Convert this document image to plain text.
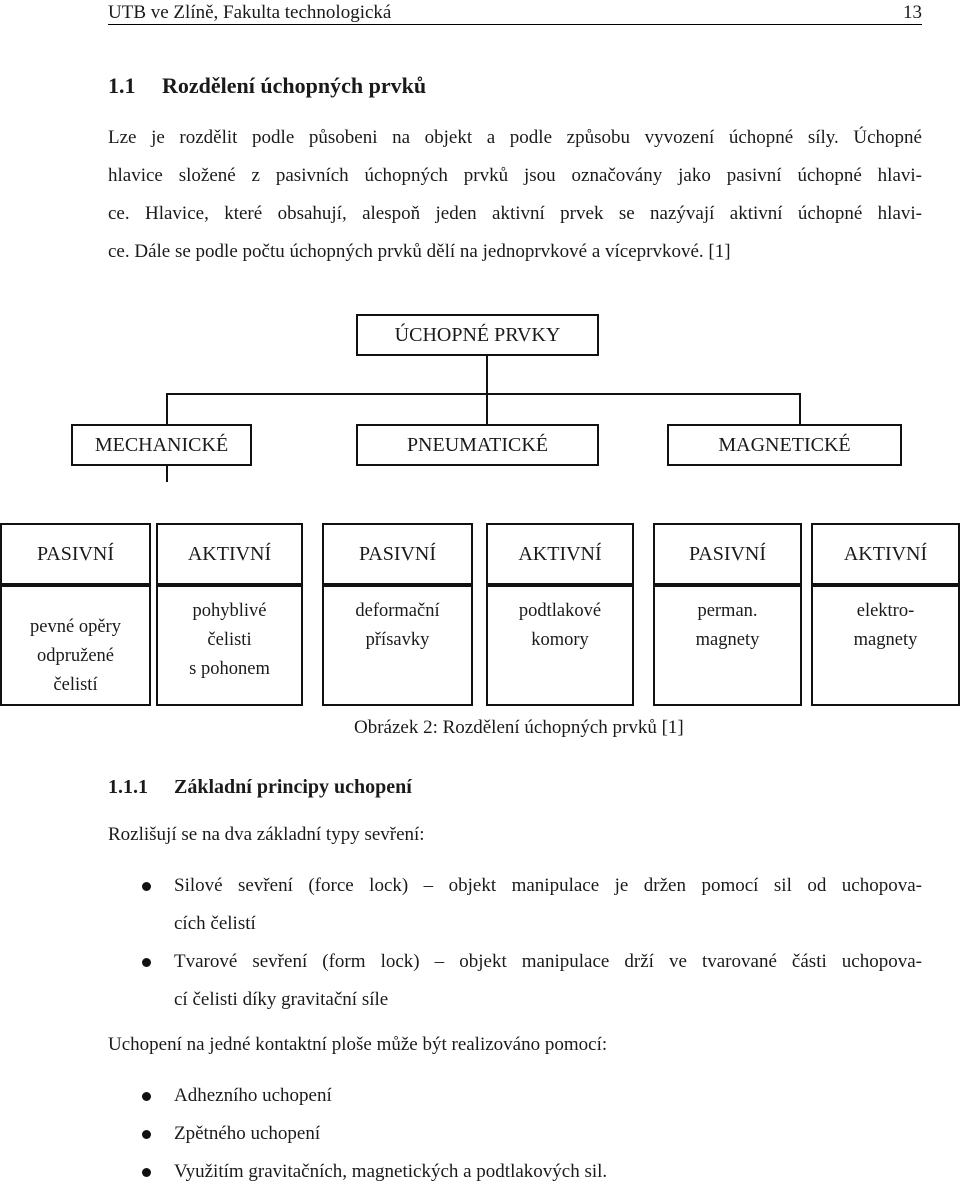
UTB ve Zlíně, Fakulta technologická	13
1.1 Rozdělení úchopných prvků
Lze je rozdělit podle působeni na objekt a podle způsobu vyvození úchopné síly. Úchopné
hlavice složené z pasivních úchopných prvků jsou označovány jako pasivní úchopné hlavi-
ce. Hlavice, které obsahují, alespoň jeden aktivní prvek se nazývají aktivní úchopné hlavi-
ce. Dále se podle počtu úchopných prvků dělí na jednoprvkové a víceprvkové. [1]
ÚCHOPNÉ PRVKY
MECHANICKÉ	PNEUMATICKÉ	MAGNETICKÉ
PASIVNÍ	AKTIVNÍ	PASIVNÍ	AKTIVNÍ	PASIVNÍ	AKTIVNÍ
pevné opěry
odpružené
čelistí
pohyblivé
čelisti
s pohonem
deformační
přísavky
podtlakové
komory
perman.
magnety
elektro-
magnety
Obrázek 2: Rozdělení úchopných prvků [1]
1.1.1 Základní principy uchopení
Rozlišují se na dva základní typy sevření:
Silové sevření (force lock) – objekt manipulace je držen pomocí sil od uchopova-
cích čelistí
Tvarové sevření (form lock) – objekt manipulace drží ve tvarované části uchopova-
cí čelisti díky gravitační síle
Uchopení na jedné kontaktní ploše může být realizováno pomocí:
Adhezního uchopení
Zpětného uchopení
Využitím gravitačních, magnetických a podtlakových sil.
